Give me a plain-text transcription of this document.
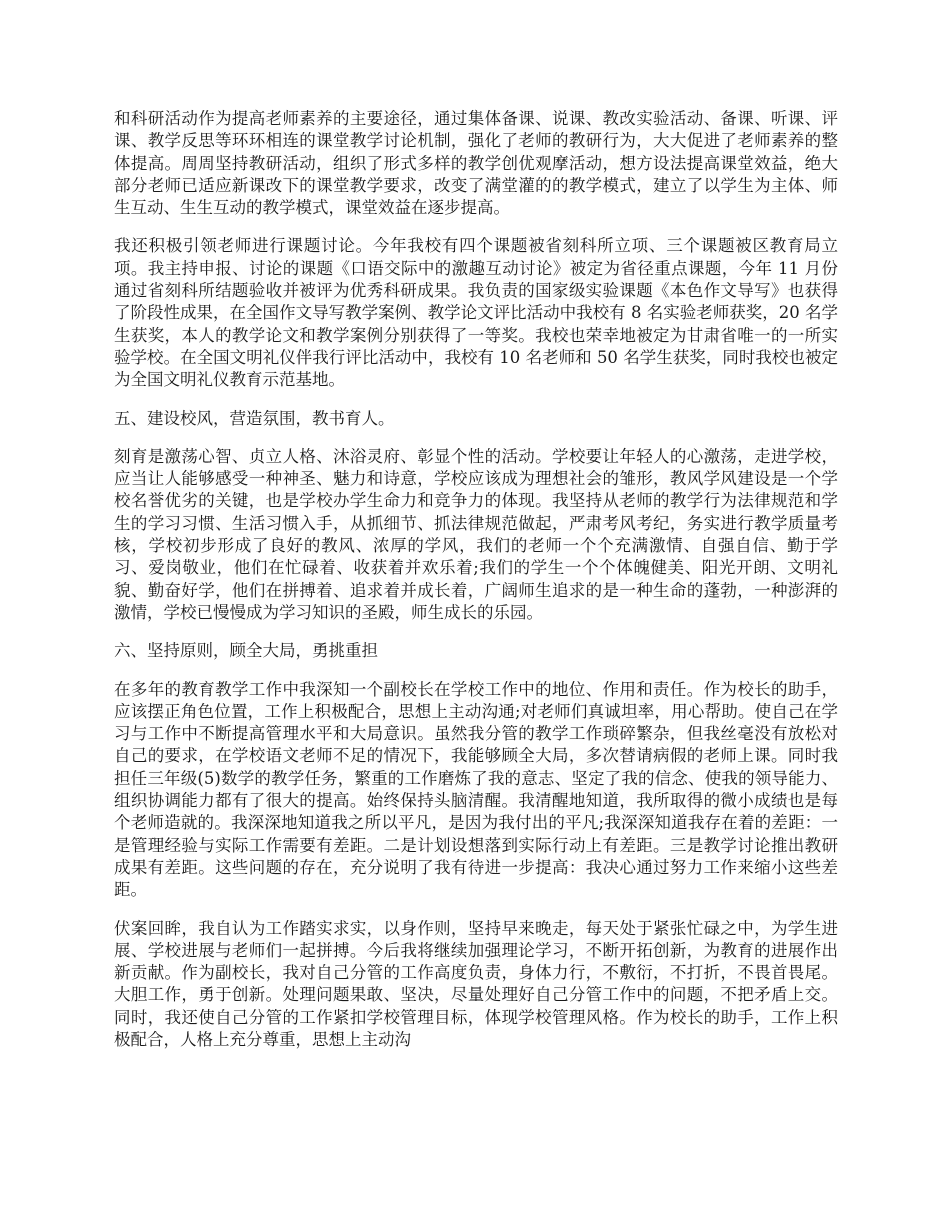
和科研活动作为提高老师素养的主要途径，通过集体备课、说课、教改实验活动、备课、听课、评课、教学反思等环环相连的课堂教学讨论机制，强化了老师的教研行为，大大促进了老师素养的整体提高。周周坚持教研活动，组织了形式多样的教学创优观摩活动，想方设法提高课堂效益，绝大部分老师已适应新课改下的课堂教学要求，改变了满堂灌的的教学模式，建立了以学生为主体、师生互动、生生互动的教学模式，课堂效益在逐步提高。

我还积极引领老师进行课题讨论。今年我校有四个课题被省刻科所立项、三个课题被区教育局立项。我主持申报、讨论的课题《口语交际中的激趣互动讨论》被定为省径重点课题，今年 11 月份通过省刻科所结题验收并被评为优秀科研成果。我负责的国家级实验课题《本色作文导写》也获得了阶段性成果，在全国作文导写教学案例、教学论文评比活动中我校有 8 名实验老师获奖，20 名学生获奖，本人的教学论文和教学案例分别获得了一等奖。我校也荣幸地被定为甘肃省唯一的一所实验学校。在全国文明礼仪伴我行评比活动中，我校有 10 名老师和 50 名学生获奖，同时我校也被定为全国文明礼仪教育示范基地。

五、建设校风，营造氛围，教书育人。

刻育是激荡心智、贞立人格、沐浴灵府、彰显个性的活动。学校要让年轻人的心激荡，走进学校，应当让人能够感受一种神圣、魅力和诗意，学校应该成为理想社会的雏形，教风学风建设是一个学校名誉优劣的关键，也是学校办学生命力和竞争力的体现。我坚持从老师的教学行为法律规范和学生的学习习惯、生活习惯入手，从抓细节、抓法律规范做起，严肃考风考纪，务实进行教学质量考核，学校初步形成了良好的教风、浓厚的学风，我们的老师一个个充满激情、自强自信、勤于学习、爱岗敬业，他们在忙碌着、收获着并欢乐着;我们的学生一个个体魄健美、阳光开朗、文明礼貌、勤奋好学，他们在拼搏着、追求着并成长着，广阔师生追求的是一种生命的蓬勃，一种澎湃的激情，学校已慢慢成为学习知识的圣殿，师生成长的乐园。

六、坚持原则，顾全大局，勇挑重担

在多年的教育教学工作中我深知一个副校长在学校工作中的地位、作用和责任。作为校长的助手，应该摆正角色位置，工作上积极配合，思想上主动沟通;对老师们真诚坦率，用心帮助。使自己在学习与工作中不断提高管理水平和大局意识。虽然我分管的教学工作琐碎繁杂，但我丝毫没有放松对自己的要求，在学校语文老师不足的情况下，我能够顾全大局，多次替请病假的老师上课。同时我担任三年级(5)数学的教学任务，繁重的工作磨炼了我的意志、坚定了我的信念、使我的领导能力、组织协调能力都有了很大的提高。始终保持头脑清醒。我清醒地知道，我所取得的微小成绩也是每个老师造就的。我深深地知道我之所以平凡，是因为我付出的平凡;我深深知道我存在着的差距：一是管理经验与实际工作需要有差距。二是计划设想落到实际行动上有差距。三是教学讨论推出教研成果有差距。这些问题的存在，充分说明了我有待进一步提高：我决心通过努力工作来缩小这些差距。

伏案回眸，我自认为工作踏实求实，以身作则，坚持早来晚走，每天处于紧张忙碌之中，为学生进展、学校进展与老师们一起拼搏。今后我将继续加强理论学习，不断开拓创新，为教育的进展作出新贡献。作为副校长，我对自己分管的工作高度负责，身体力行，不敷衍，不打折，不畏首畏尾。大胆工作，勇于创新。处理问题果敢、坚决，尽量处理好自己分管工作中的问题，不把矛盾上交。同时，我还使自己分管的工作紧扣学校管理目标，体现学校管理风格。作为校长的助手，工作上积极配合，人格上充分尊重，思想上主动沟
